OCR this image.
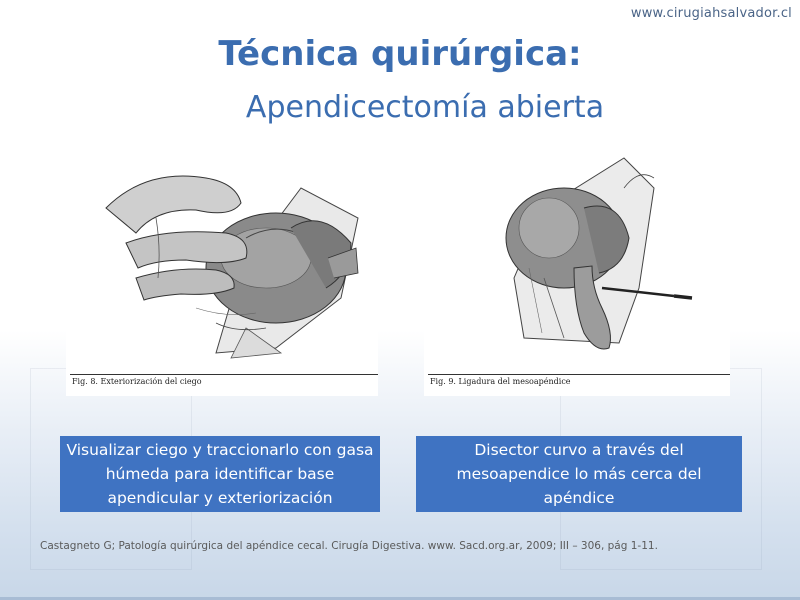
www.cirugiahsalvador.cl
Técnica quirúrgica:
Apendicectomía abierta
Fig. 8. Exteriorización del ciego	Fig. 9. Ligadura del mesoapéndice
Visualizar ciego y traccionarlo con gasa húmeda para identificar base apendicular y exteriorización
Disector curvo a través del mesoapendice lo más cerca del apéndice
Castagneto G; Patología quirúrgica del apéndice cecal. Cirugía Digestiva. www. Sacd.org.ar, 2009; III – 306, pág 1-11.
